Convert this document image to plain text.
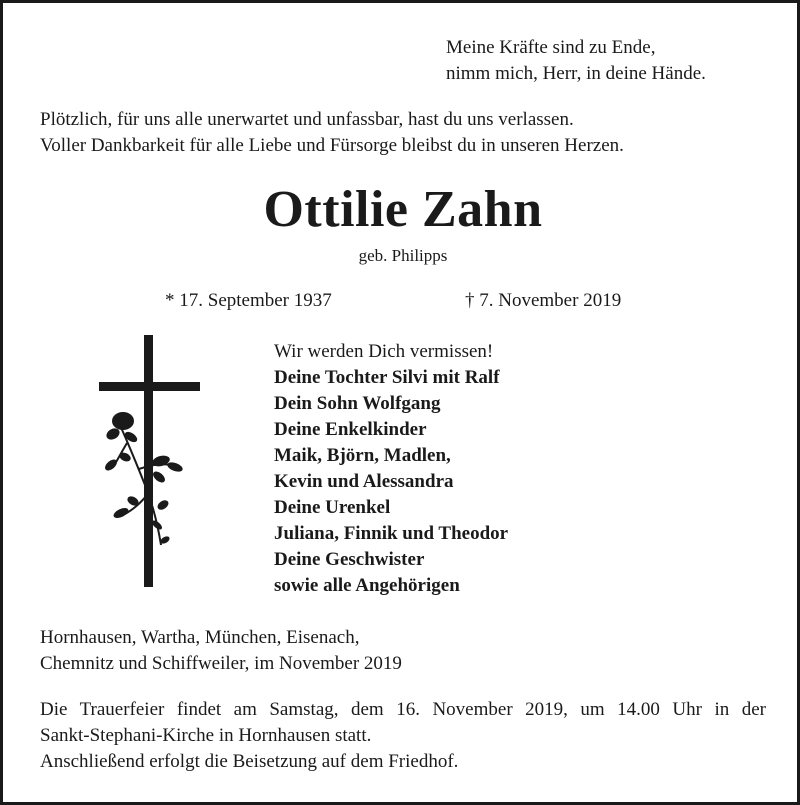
Meine Kräfte sind zu Ende,
nimm mich, Herr, in deine Hände.
Plötzlich, für uns alle unerwartet und unfassbar, hast du uns verlassen.
Voller Dankbarkeit für alle Liebe und Fürsorge bleibst du in unseren Herzen.
Ottilie Zahn
geb. Philipps
* 17. September 1937	† 7. November 2019
Wir werden Dich vermissen!
Deine Tochter Silvi mit Ralf
Dein Sohn Wolfgang
Deine Enkelkinder
Maik, Björn, Madlen,
Kevin und Alessandra
Deine Urenkel
Juliana, Finnik und Theodor
Deine Geschwister
sowie alle Angehörigen
Hornhausen, Wartha, München, Eisenach,
Chemnitz und Schiffweiler, im November 2019
Die Trauerfeier findet am Samstag, dem 16. November 2019, um 14.00 Uhr in der
Sankt-Stephani-Kirche in Hornhausen statt.
Anschließend erfolgt die Beisetzung auf dem Friedhof.
